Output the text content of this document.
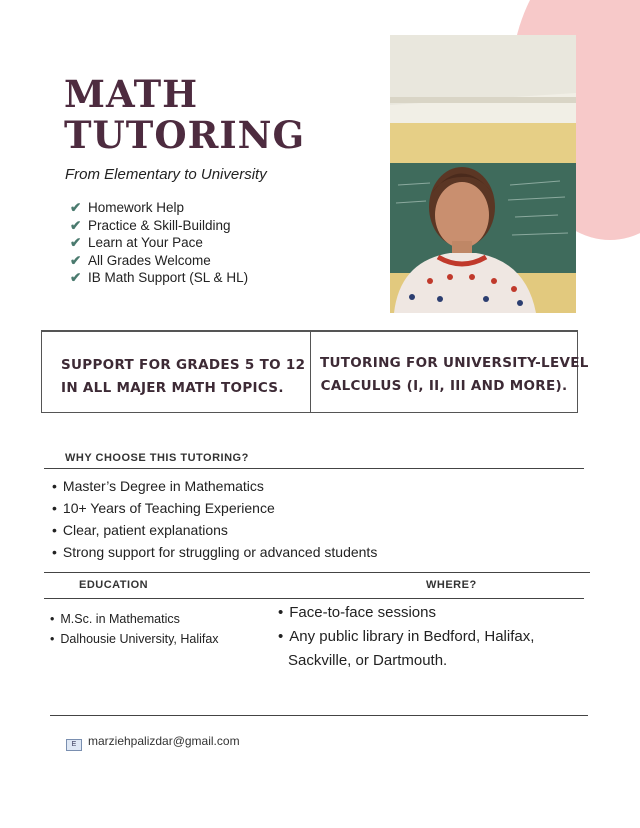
MATH
TUTORING
From Elementary to University
✔ Homework Help
✔ Practice & Skill-Building
✔ Learn at Your Pace
✔ All Grades Welcome
✔ IB Math Support (SL & HL)
SUPPORT FOR GRADES 5 TO 12
IN ALL MAJER MATH TOPICS.
TUTORING FOR UNIVERSITY-LEVEL
CALCULUS (I, II, III AND MORE).
WHY CHOOSE THIS TUTORING?
• Master’s Degree in Mathematics
• 10+ Years of Teaching Experience
• Clear, patient explanations
• Strong support for struggling or advanced students
EDUCATION	WHERE?
• M.Sc. in Mathematics
• Dalhousie University, Halifax
• Face-to-face sessions
• Any public library in Bedford, Halifax,
Sackville, or Dartmouth.
E marziehpalizdar@gmail.com
